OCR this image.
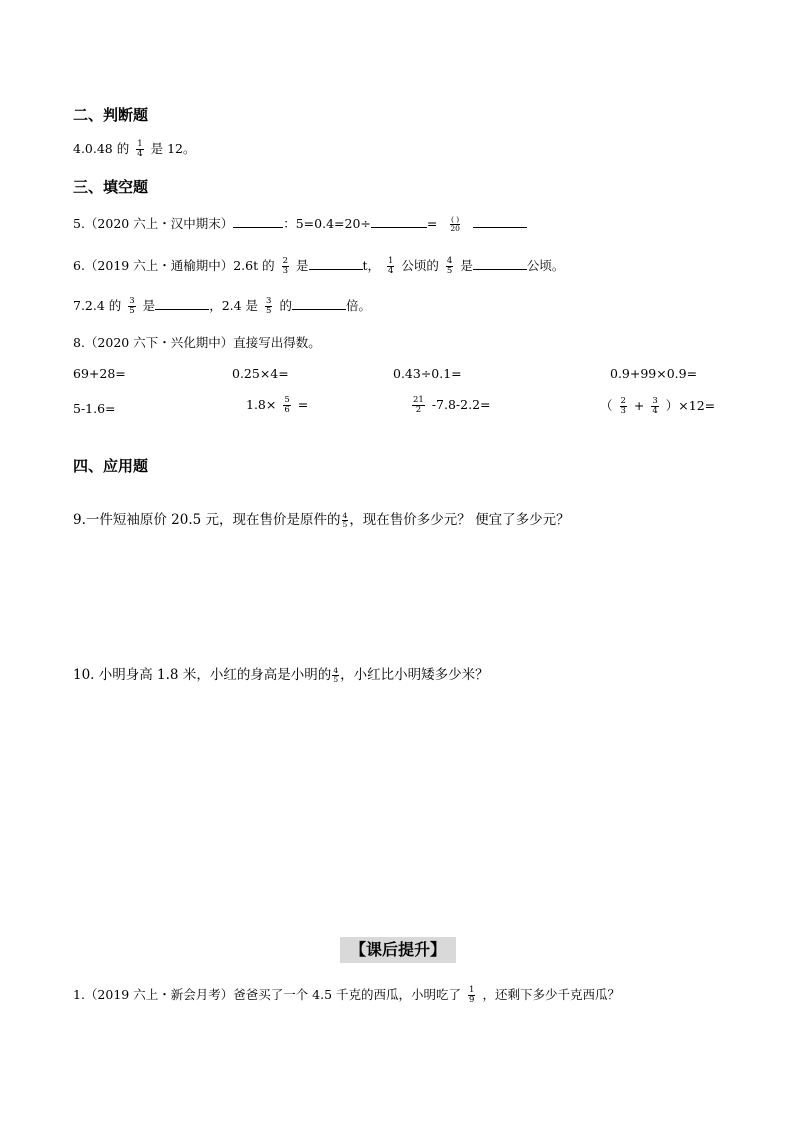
二、判断题
4.0.48 的 $\frac{1}{4}$ 是 12。
三、填空题
5.（2020 六上・汉中期末）	：5=0.4=20÷	= $\frac{( )}{20}$

6.（2019 六上・通榆期中）2.6t 的 $\frac{2}{3}$ 是	t， $\frac{1}{4}$ 公顷的 $\frac{4}{5}$ 是	公顷。
7.2.4 的 $\frac{3}{5}$ 是	，2.4 是 $\frac{3}{5}$ 的	倍。
8.（2020 六下・兴化期中）直接写出得数。
69+28=	0.25×4=	0.43÷0.1=	0.9+99×0.9=
5-1.6=	$1.8\times \frac{5}{6}$ =	$\frac{21}{2} -7.8-2.2=$	（ $\frac{2}{3} + \frac{3}{4} )\times 12=$
四、应用题
9.一件短袖原价 20.5 元，现在售价是原件的 $\frac{4}{5}$ ，现在售价多少元？ 便宜了多少元？
10. 小明身高 1.8 米，小红的身高是小明的 $\frac{4}{5}$ ，小红比小明矮多少米？
【课后提升】
1.（2019 六上・新会月考）爸爸买了一个 4.5 千克的西瓜，小明吃了 $\frac{1}{9}$ ，还剩下多少千克西瓜？
